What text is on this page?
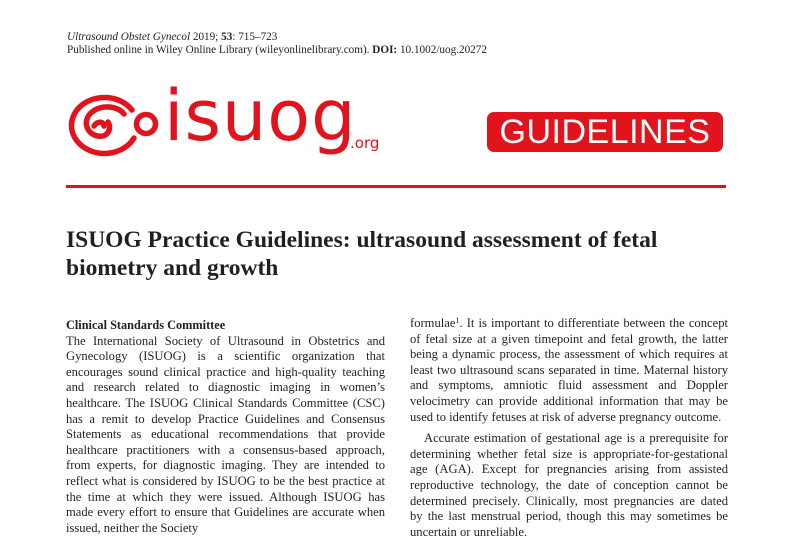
Ultrasound Obstet Gynecol 2019; 53: 715–723
Published online in Wiley Online Library (wileyonlinelibrary.com). DOI: 10.1002/uog.20272
isuog
.org	GUIDELINES
ISUOG Practice Guidelines: ultrasound assessment of fetal biometry and growth

Clinical Standards Committee

The International Society of Ultrasound in Obstetrics and Gynecology (ISUOG) is a scientific organization that encourages sound clinical practice and high-quality teaching and research related to diagnostic imaging in women’s healthcare. The ISUOG Clinical Standards Committee (CSC) has a remit to develop Practice Guidelines and Consensus Statements as educational recommendations that provide healthcare practitioners with a consensus-based approach, from experts, for diagnostic imaging. They are intended to reflect what is considered by ISUOG to be the best practice at the time at which they were issued. Although ISUOG has made every effort to ensure that Guidelines are accurate when issued, neither the Society

formulae$^1$. It is important to differentiate between the concept of fetal size at a given timepoint and fetal growth, the latter being a dynamic process, the assessment of which requires at least two ultrasound scans separated in time. Maternal history and symptoms, amniotic fluid assessment and Doppler velocimetry can provide additional information that may be used to identify fetuses at risk of adverse pregnancy outcome.

Accurate estimation of gestational age is a prerequisite for determining whether fetal size is appropriate-for-gestational age (AGA). Except for pregnancies arising from assisted reproductive technology, the date of conception cannot be determined precisely. Clinically, most pregnancies are dated by the last menstrual period, though this may sometimes be uncertain or unreliable.
